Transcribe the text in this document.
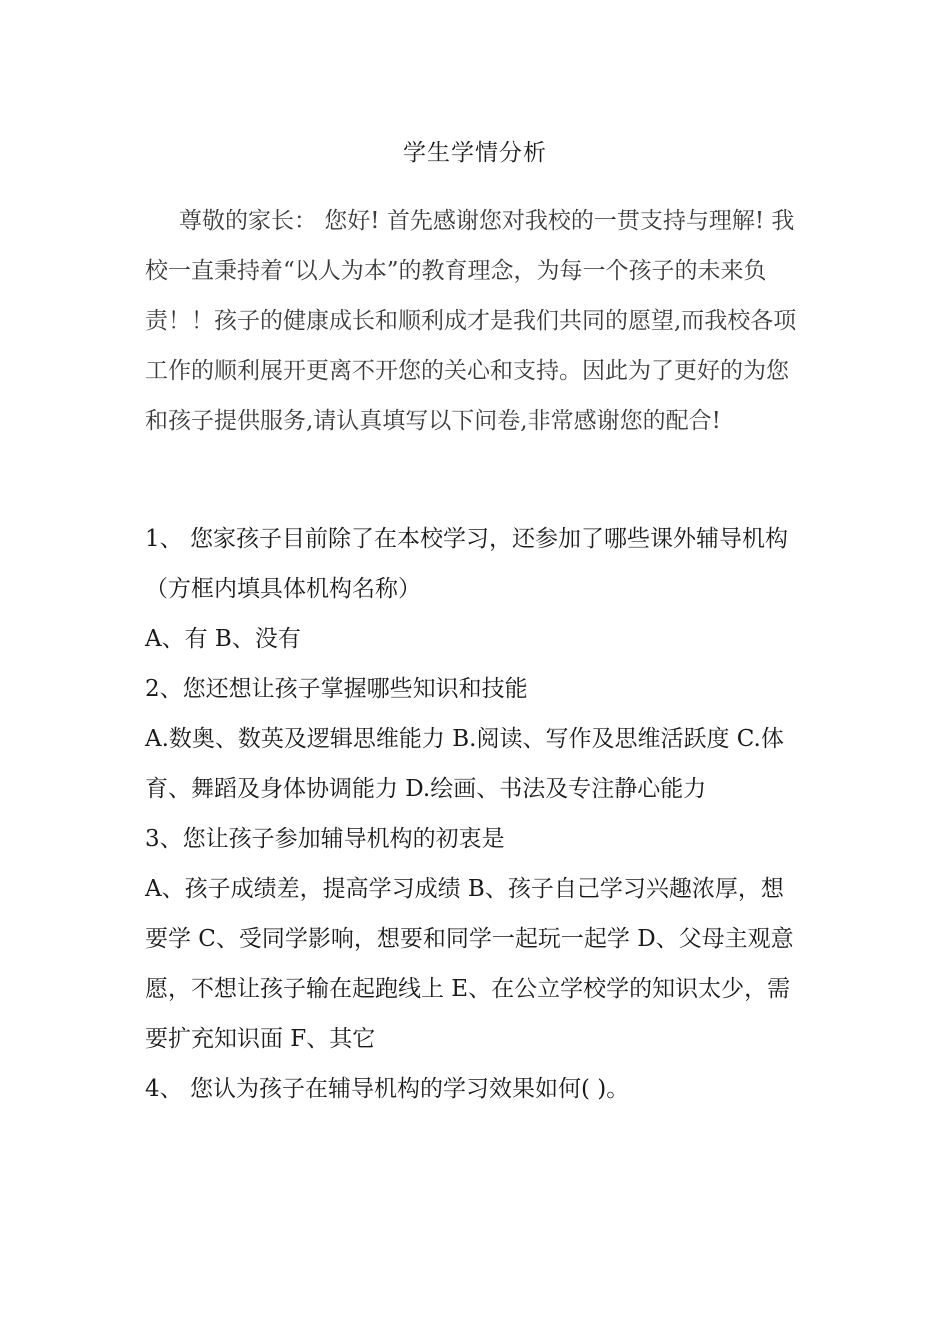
学生学情分析

尊敬的家长： 您好! 首先感谢您对我校的一贯支持与理解! 我校一直秉持着“以人为本”的教育理念，为每一个孩子的未来负责！！孩子的健康成长和顺利成才是我们共同的愿望,而我校各项工作的顺利展开更离不开您的关心和支持。因此为了更好的为您和孩子提供服务,请认真填写以下问卷,非常感谢您的配合!

1、 您家孩子目前除了在本校学习，还参加了哪些课外辅导机构（方框内填具体机构名称）

A、有 B、没有

2、您还想让孩子掌握哪些知识和技能

A.数奥、数英及逻辑思维能力 B.阅读、写作及思维活跃度 C.体育、舞蹈及身体协调能力 D.绘画、书法及专注静心能力

3、您让孩子参加辅导机构的初衷是

A、孩子成绩差，提高学习成绩 B、孩子自己学习兴趣浓厚，想要学 C、受同学影响，想要和同学一起玩一起学 D、父母主观意愿，不想让孩子输在起跑线上 E、在公立学校学的知识太少，需要扩充知识面 F、其它

4、 您认为孩子在辅导机构的学习效果如何( )。
